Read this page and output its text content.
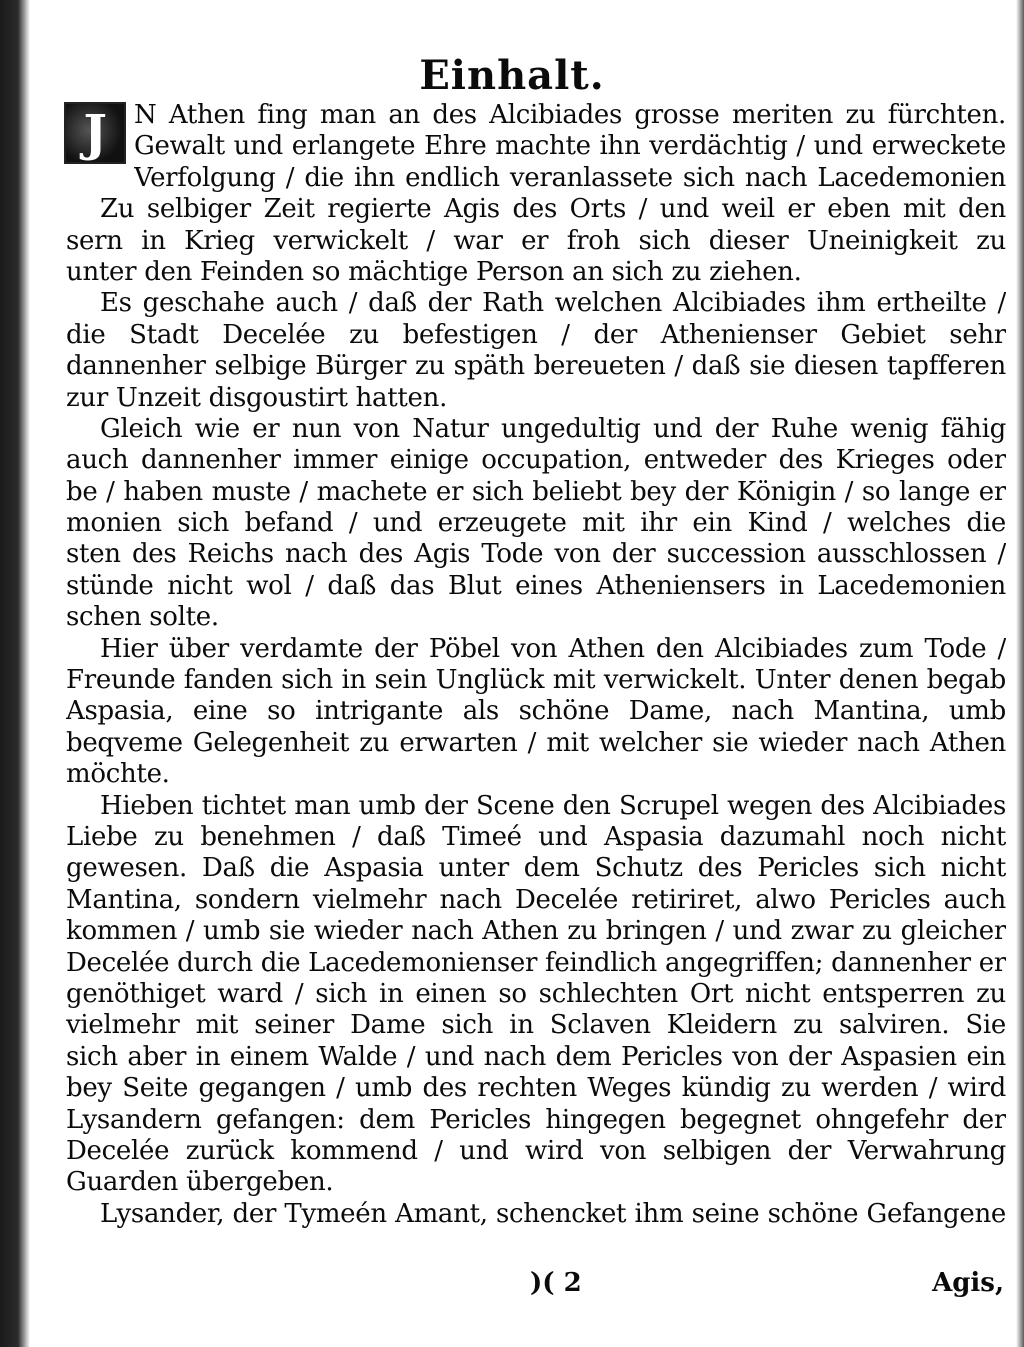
Einhalt.
J	N Athen fing man an des Alcibiades grosse meriten zu fürchten.
Gewalt und erlangete Ehre machte ihn verdächtig / und erweckete
Verfolgung / die ihn endlich veranlassete sich nach Lacedemonien
Zu selbiger Zeit regierte Agis des Orts / und weil er eben mit den
sern in Krieg verwickelt / war er froh sich dieser Uneinigkeit zu
unter den Feinden so mächtige Person an sich zu ziehen.
Es geschahe auch / daß der Rath welchen Alcibiades ihm ertheilte /
die Stadt Decelée zu befestigen / der Athenienser Gebiet sehr
dannenher selbige Bürger zu späth bereueten / daß sie diesen tapfferen
zur Unzeit disgoustirt hatten.
Gleich wie er nun von Natur ungedultig und der Ruhe wenig fähig
auch dannenher immer einige occupation, entweder des Krieges oder
be / haben muste / machete er sich beliebt bey der Königin / so lange er
monien sich befand / und erzeugete mit ihr ein Kind / welches die
sten des Reichs nach des Agis Tode von der succession ausschlossen /
stünde nicht wol / daß das Blut eines Atheniensers in Lacedemonien
schen solte.
Hier über verdamte der Pöbel von Athen den Alcibiades zum Tode /
Freunde fanden sich in sein Unglück mit verwickelt. Unter denen begab
Aspasia, eine so intrigante als schöne Dame, nach Mantina, umb
beqveme Gelegenheit zu erwarten / mit welcher sie wieder nach Athen
möchte.
Hieben tichtet man umb der Scene den Scrupel wegen des Alcibiades
Liebe zu benehmen / daß Timeé und Aspasia dazumahl noch nicht
gewesen. Daß die Aspasia unter dem Schutz des Pericles sich nicht
Mantina, sondern vielmehr nach Decelée retiriret, alwo Pericles auch
kommen / umb sie wieder nach Athen zu bringen / und zwar zu gleicher
Decelée durch die Lacedemonienser feindlich angegriffen; dannenher er
genöthiget ward / sich in einen so schlechten Ort nicht entsperren zu
vielmehr mit seiner Dame sich in Sclaven Kleidern zu salviren. Sie
sich aber in einem Walde / und nach dem Pericles von der Aspasien ein
bey Seite gegangen / umb des rechten Weges kündig zu werden / wird
Lysandern gefangen: dem Pericles hingegen begegnet ohngefehr der
Decelée zurück kommend / und wird von selbigen der Verwahrung
Guarden übergeben.
Lysander, der Tymeén Amant, schencket ihm seine schöne Gefangene
)( 2	Agis,
